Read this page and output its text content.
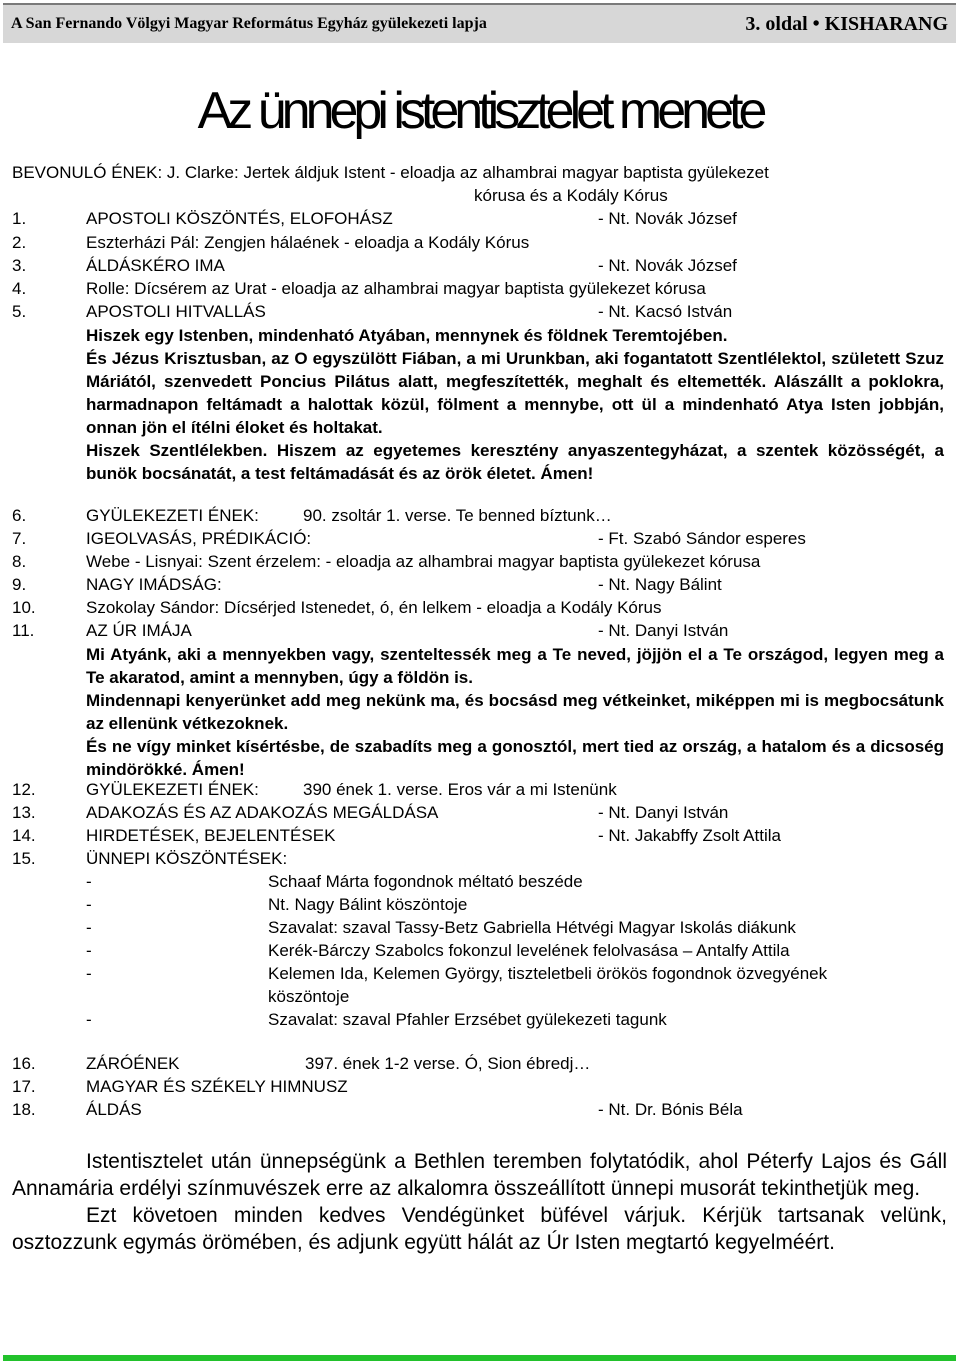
A San Fernando Völgyi Magyar Református Egyház gyülekezeti lapja	3. oldal • KISHARANG
Az ünnepi istentisztelet menete
BEVONULÓ ÉNEK: J. Clarke: Jertek áldjuk Istent - eloadja az alhambrai magyar baptista gyülekezet
kórusa és a Kodály Kórus
1.	APOSTOLI KÖSZÖNTÉS, ELOFOHÁSZ	- Nt. Novák József
2.	Eszterházi Pál: Zengjen hálaének - eloadja a Kodály Kórus
3.	ÁLDÁSKÉRO IMA	- Nt. Novák József
4.	Rolle: Dícsérem az Urat - eloadja az alhambrai magyar baptista gyülekezet kórusa
5.	APOSTOLI HITVALLÁS	- Nt. Kacsó István

Hiszek egy Istenben, mindenható Atyában, mennynek és földnek Teremtojében.

És Jézus Krisztusban, az O egyszülött Fiában, a mi Urunkban, aki fogantatott Szentlélektol, született Szuz Máriától, szenvedett Poncius Pilátus alatt, megfeszítették, meghalt és eltemették. Alászállt a poklokra, harmadnapon feltámadt a halottak közül, fölment a mennybe, ott ül a mindenható Atya Isten jobbján, onnan jön el ítélni éloket és holtakat.

Hiszek Szentlélekben. Hiszem az egyetemes keresztény anyaszentegyházat, a szentek közösségét, a bunök bocsánatát, a test feltámadását és az örök életet. Ámen!

6.	GYÜLEKEZETI ÉNEK:	90. zsoltár 1. verse. Te benned bíztunk…
7.	IGEOLVASÁS, PRÉDIKÁCIÓ:	- Ft. Szabó Sándor esperes
8.	Webe - Lisnyai: Szent érzelem: - eloadja az alhambrai magyar baptista gyülekezet kórusa
9.	NAGY IMÁDSÁG:	- Nt. Nagy Bálint
10.	Szokolay Sándor: Dícsérjed Istenedet, ó, én lelkem - eloadja a Kodály Kórus
11.	AZ ÚR IMÁJA	- Nt. Danyi István

Mi Atyánk, aki a mennyekben vagy, szenteltessék meg a Te neved, jöjjön el a Te országod, legyen meg a Te akaratod, amint a mennyben, úgy a földön is.

Mindennapi kenyerünket add meg nekünk ma, és bocsásd meg vétkeinket, miképpen mi is megbocsátunk az ellenünk vétkezoknek.

És ne vígy minket kísértésbe, de szabadíts meg a gonosztól, mert tied az ország, a hatalom és a dicsoség mindörökké. Ámen!

12.	GYÜLEKEZETI ÉNEK:	390 ének 1. verse. Eros vár a mi Istenünk
13.	ADAKOZÁS ÉS AZ ADAKOZÁS MEGÁLDÁSA	- Nt. Danyi István
14.	HIRDETÉSEK, BEJELENTÉSEK	- Nt. Jakabffy Zsolt Attila
15.	ÜNNEPI KÖSZÖNTÉSEK:
-	Schaaf Márta fogondnok méltató beszéde
-	Nt. Nagy Bálint köszöntoje
-	Szavalat: szaval Tassy-Betz Gabriella Hétvégi Magyar Iskolás diákunk
-	Kerék-Bárczy Szabolcs fokonzul levelének felolvasása – Antalfy Attila
-	Kelemen Ida, Kelemen György, tiszteletbeli örökös fogondnok özvegyének
köszöntoje
-	Szavalat: szaval Pfahler Erzsébet gyülekezeti tagunk
16.	ZÁRÓÉNEK	397. ének 1-2 verse. Ó, Sion ébredj…
17.	MAGYAR ÉS SZÉKELY HIMNUSZ
18.	ÁLDÁS	- Nt. Dr. Bónis Béla

Istentisztelet után ünnepségünk a Bethlen teremben folytatódik, ahol Péterfy Lajos és Gáll Annamária erdélyi színmuvészek erre az alkalomra összeállított ünnepi musorát tekinthetjük meg.

Ezt követoen minden kedves Vendégünket büfével várjuk. Kérjük tartsanak velünk, osztozzunk egymás örömében, és adjunk együtt hálát az Úr Isten megtartó kegyelméért.
